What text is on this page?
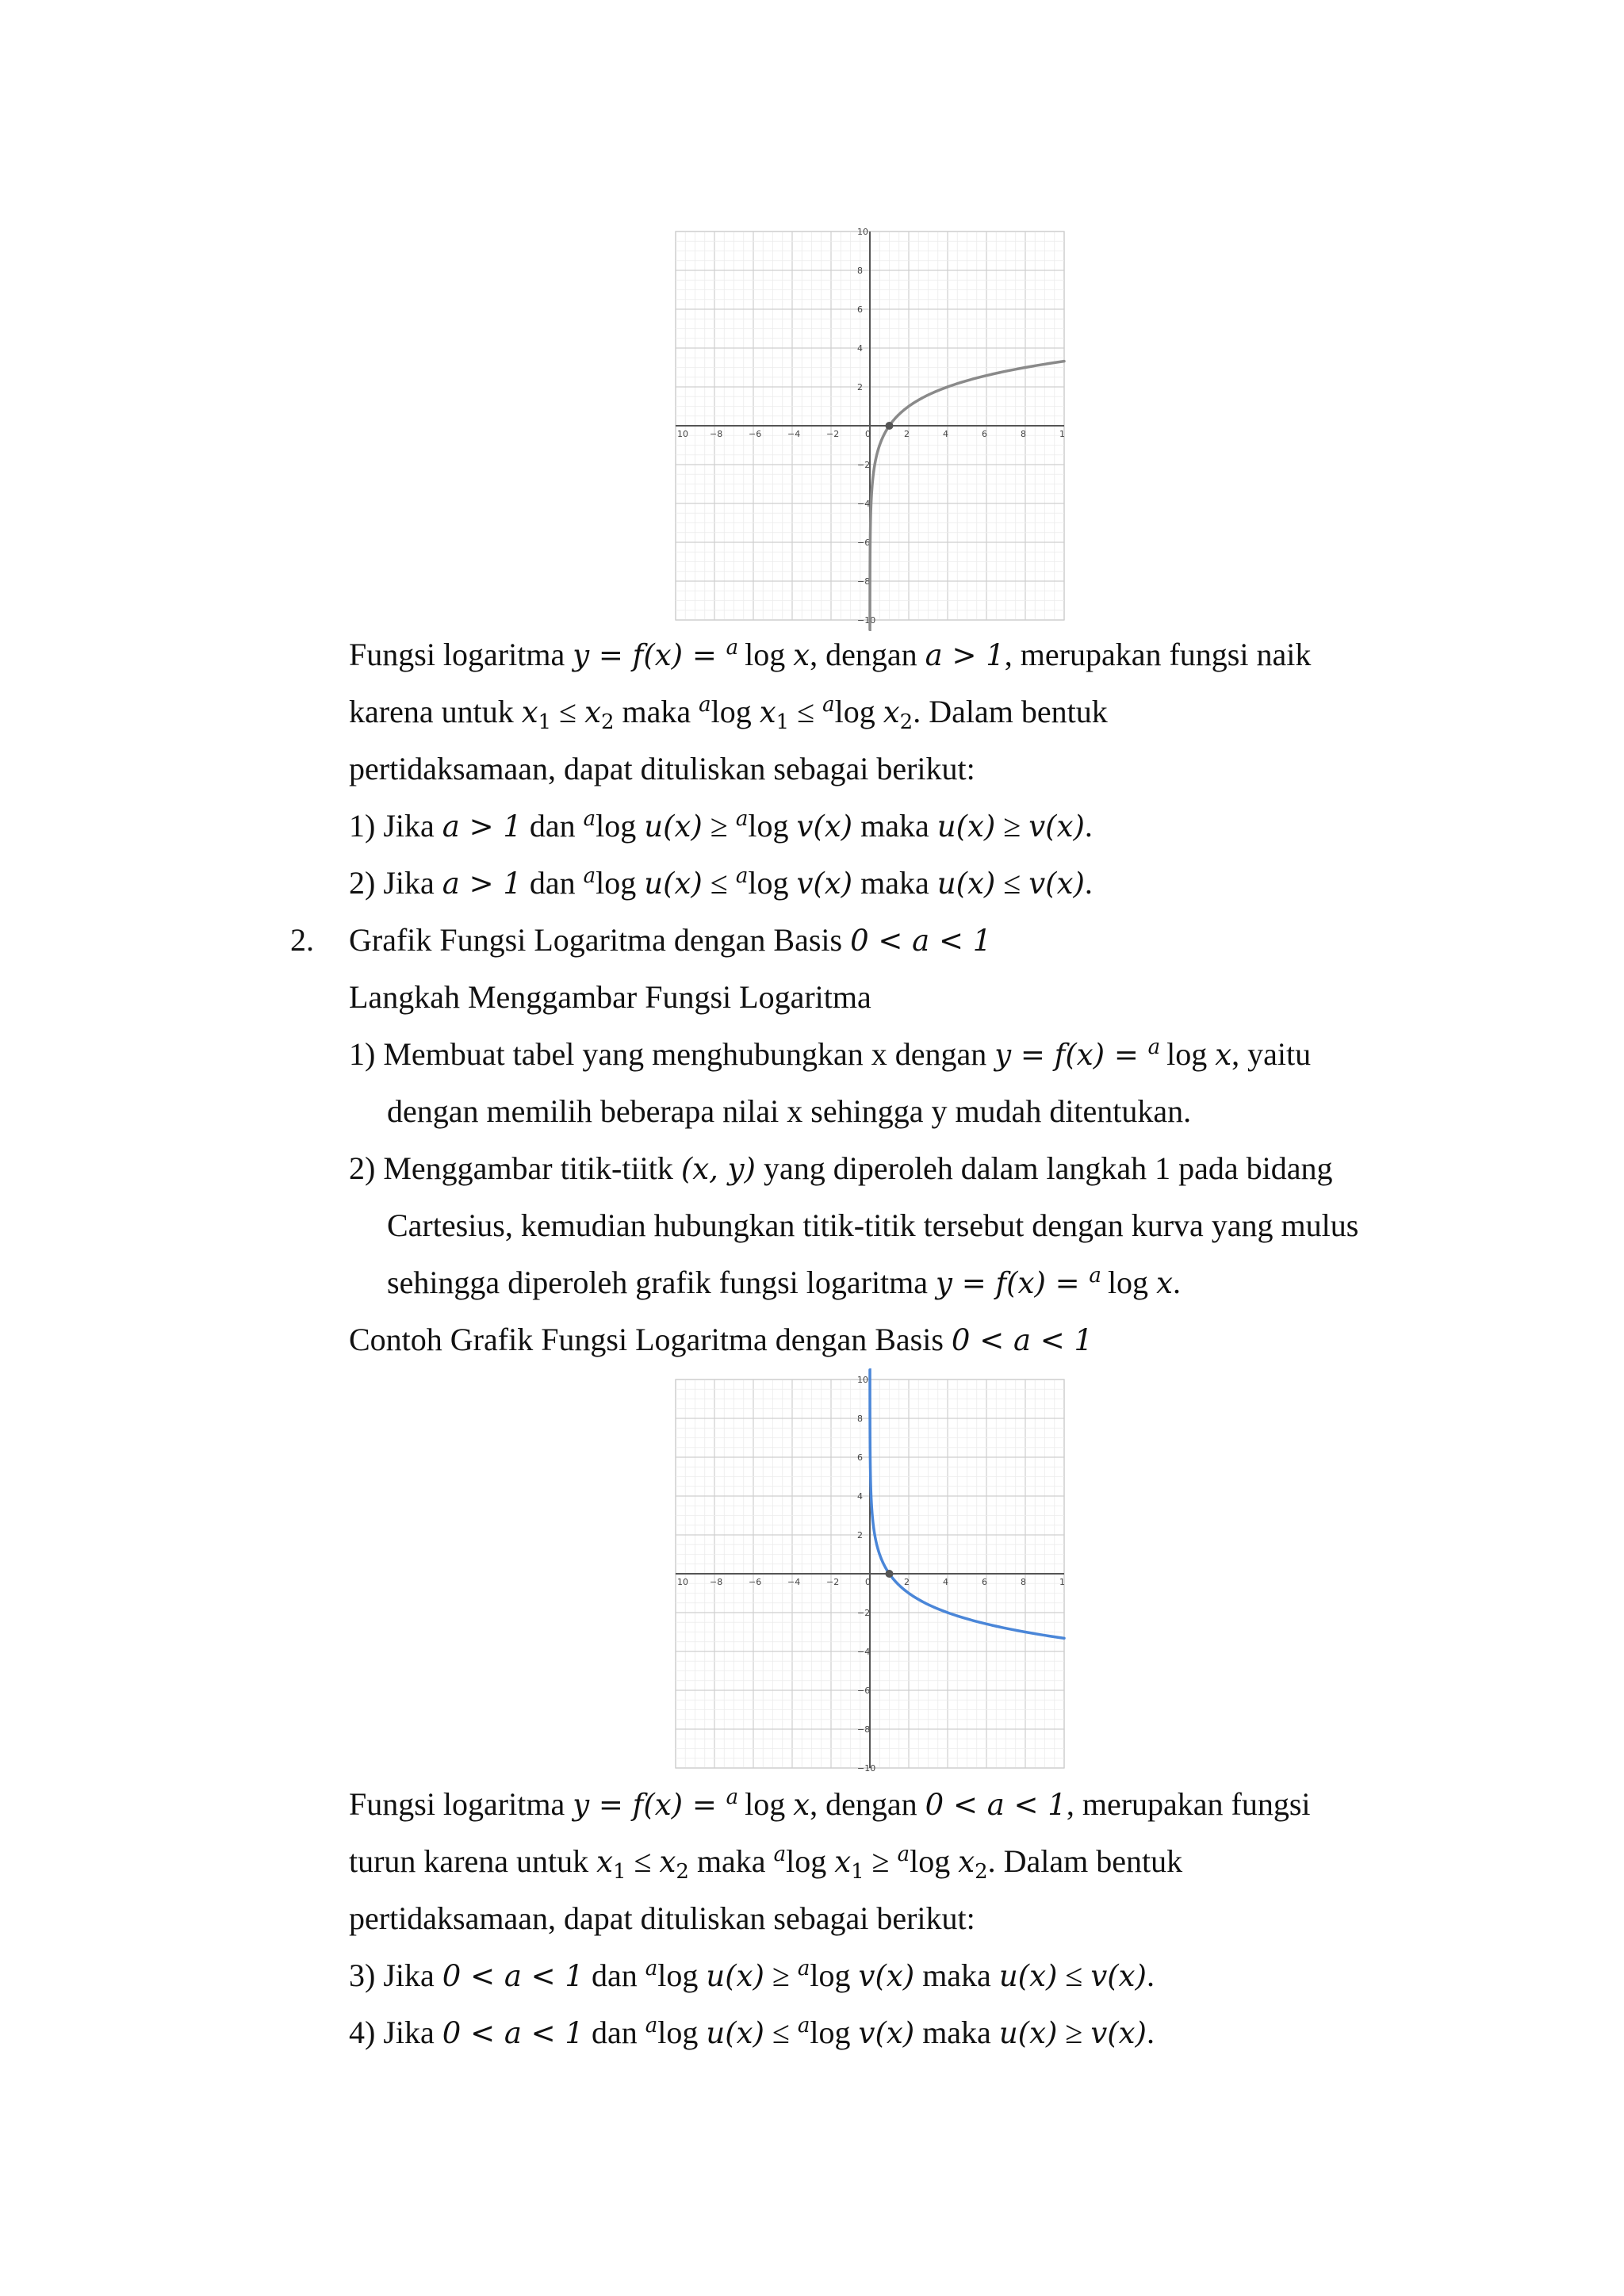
10 −8	−6	−4	−2	0	2	4	6	8	1
−10
−8
−6
−4
−2
2
4
6
8
10
Fungsi logaritma y = f(x) = $^a$ log x, dengan a > 1, merupakan fungsi naik
karena untuk $x_1 \le x_2$ maka $^a$log $x_1 \le ^a\log$ $x_2$. Dalam bentuk
pertidaksamaan, dapat dituliskan sebagai berikut:
1) Jika a > 1 dan $^a$log u(x) ≥ $^a$log v(x) maka u(x) ≥ v(x).
2) Jika a > 1 dan $^a$log u(x) ≤ $^a$log v(x) maka u(x) ≤ v(x).
2. Grafik Fungsi Logaritma dengan Basis 0 < a < 1
Langkah Menggambar Fungsi Logaritma
1) Membuat tabel yang menghubungkan x dengan y = f(x) = $^a$ log x, yaitu
dengan memilih beberapa nilai x sehingga y mudah ditentukan.
2) Menggambar titik-tiitk (x, y) yang diperoleh dalam langkah 1 pada bidang
Cartesius, kemudian hubungkan titik-titik tersebut dengan kurva yang mulus
sehingga diperoleh grafik fungsi logaritma y = f(x) = $^a$ log x.
Contoh Grafik Fungsi Logaritma dengan Basis 0 < a < 1
10 −8	−6	−4	−2	0	2	4	6	8	1
−10
−8
−6
−4
−2
2
4
6
8
10
Fungsi logaritma y = f(x) = $^a$ log x, dengan 0 < a < 1, merupakan fungsi
turun karena untuk $x_1 \le x_2$ maka $^a$log $x_1 \ge ^a\log$ $x_2$. Dalam bentuk
pertidaksamaan, dapat dituliskan sebagai berikut:
3) Jika 0 < a < 1 dan $^a$log u(x) ≥ $^a$log v(x) maka u(x) ≤ v(x).
4) Jika 0 < a < 1 dan $^a$log u(x) ≤ $^a$log v(x) maka u(x) ≥ v(x).
